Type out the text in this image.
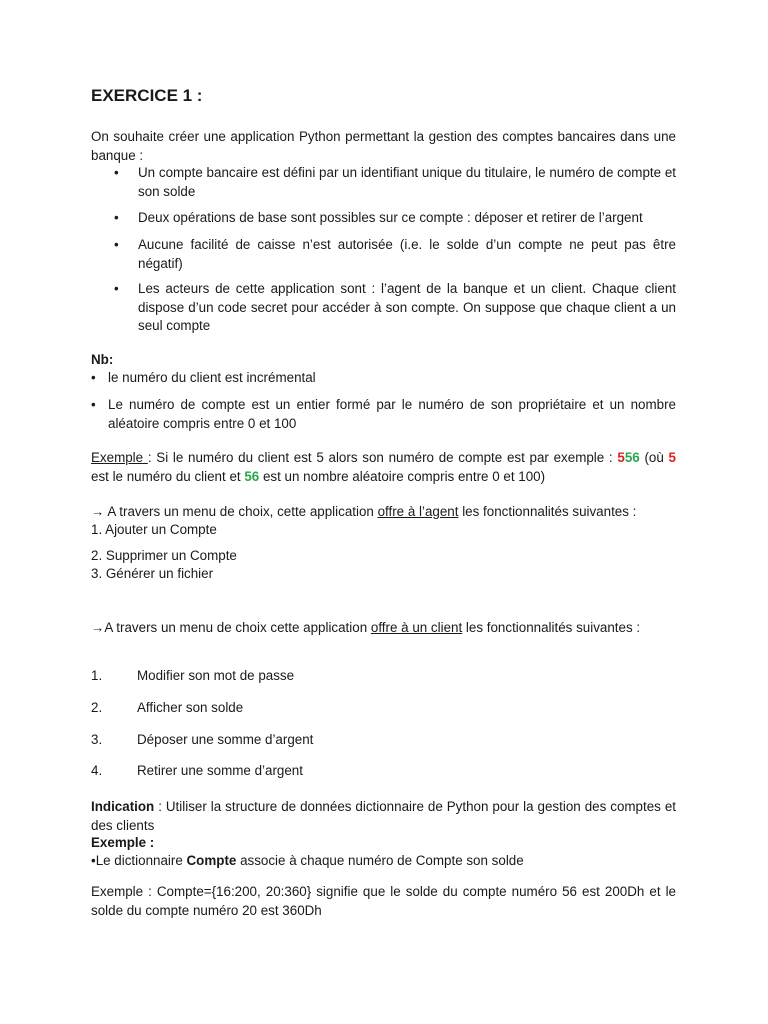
EXERCICE 1 :
On souhaite créer une application Python permettant la gestion des comptes bancaires dans une banque :
• Un compte bancaire est défini par un identifiant unique du titulaire, le numéro de compte et son solde
• Deux opérations de base sont possibles sur ce compte : déposer et retirer de l’argent
• Aucune facilité de caisse n’est autorisée (i.e. le solde d’un compte ne peut pas être négatif)
• Les acteurs de cette application sont : l’agent de la banque et un client. Chaque client dispose d’un code secret pour accéder à son compte. On suppose que chaque client a un seul compte
Nb:
• le numéro du client est incrémental
• Le numéro de compte est un entier formé par le numéro de son propriétaire et un nombre aléatoire compris entre 0 et 100
Exemple : Si le numéro du client est 5 alors son numéro de compte est par exemple : 556 (où 5 est le numéro du client et 56 est un nombre aléatoire compris entre 0 et 100)
→ A travers un menu de choix, cette application offre à l’agent les fonctionnalités suivantes :
1. Ajouter un Compte
2. Supprimer un Compte
3. Générer un fichier
→A travers un menu de choix cette application offre à un client les fonctionnalités suivantes :
1.	Modifier son mot de passe
2.	Afficher son solde
3.	Déposer une somme d’argent
4.	Retirer une somme d’argent
Indication : Utiliser la structure de données dictionnaire de Python pour la gestion des comptes et des clients
Exemple :
•Le dictionnaire Compte associe à chaque numéro de Compte son solde
Exemple : Compte={16:200, 20:360} signifie que le solde du compte numéro 56 est 200Dh et le solde du compte numéro 20 est 360Dh
